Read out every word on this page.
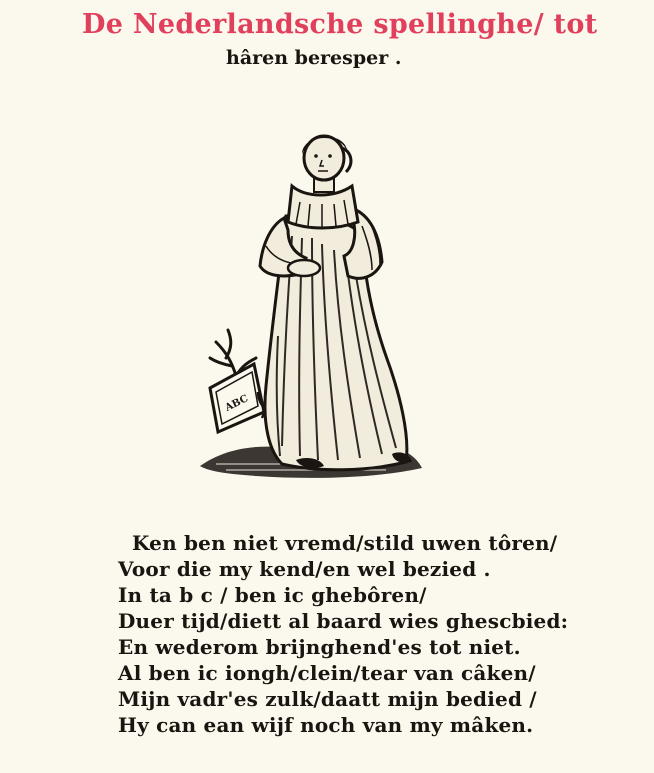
De Nederlandsche spellinghe/ tot
hâren beresper .
ABC
Ken ben niet vremd/stild uwen tôren/
Voor die my kend/en wel bezied .
In ta b c / ben ic ghebôren/
Duer tijd/diett al baard wies ghescbied:
En wederom brijnghend'es tot niet.
Al ben ic iongh/clein/tear van câken/
Mijn vadr'es zulk/daatt mijn bedied /
Hy can ean wijf noch van my mâken.
